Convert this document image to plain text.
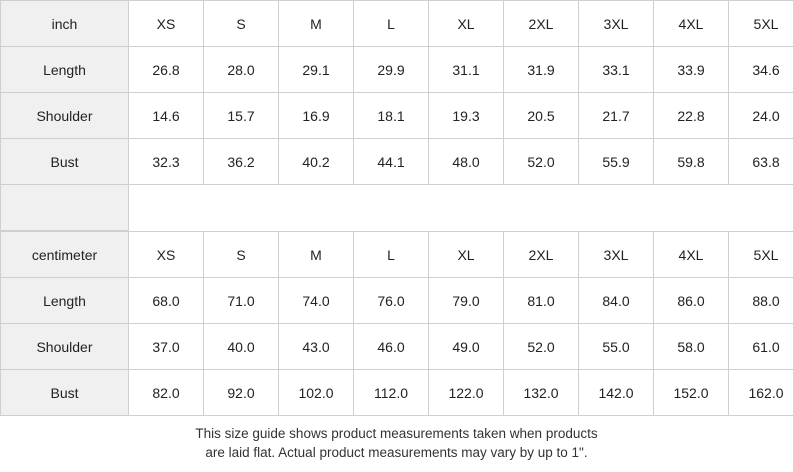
inch	XS	S	M	L	XL	2XL	3XL	4XL	5XL
Length	26.8	28.0	29.1	29.9	31.1	31.9	33.1	33.9	34.6
Shoulder	14.6	15.7	16.9	18.1	19.3	20.5	21.7	22.8	24.0
Bust	32.3	36.2	40.2	44.1	48.0	52.0	55.9	59.8	63.8

centimeter	XS	S	M	L	XL	2XL	3XL	4XL	5XL
Length	68.0	71.0	74.0	76.0	79.0	81.0	84.0	86.0	88.0
Shoulder	37.0	40.0	43.0	46.0	49.0	52.0	55.0	58.0	61.0
Bust	82.0	92.0	102.0	112.0	122.0	132.0	142.0	152.0	162.0
This size guide shows product measurements taken when products
are laid flat. Actual product measurements may vary by up to 1".
